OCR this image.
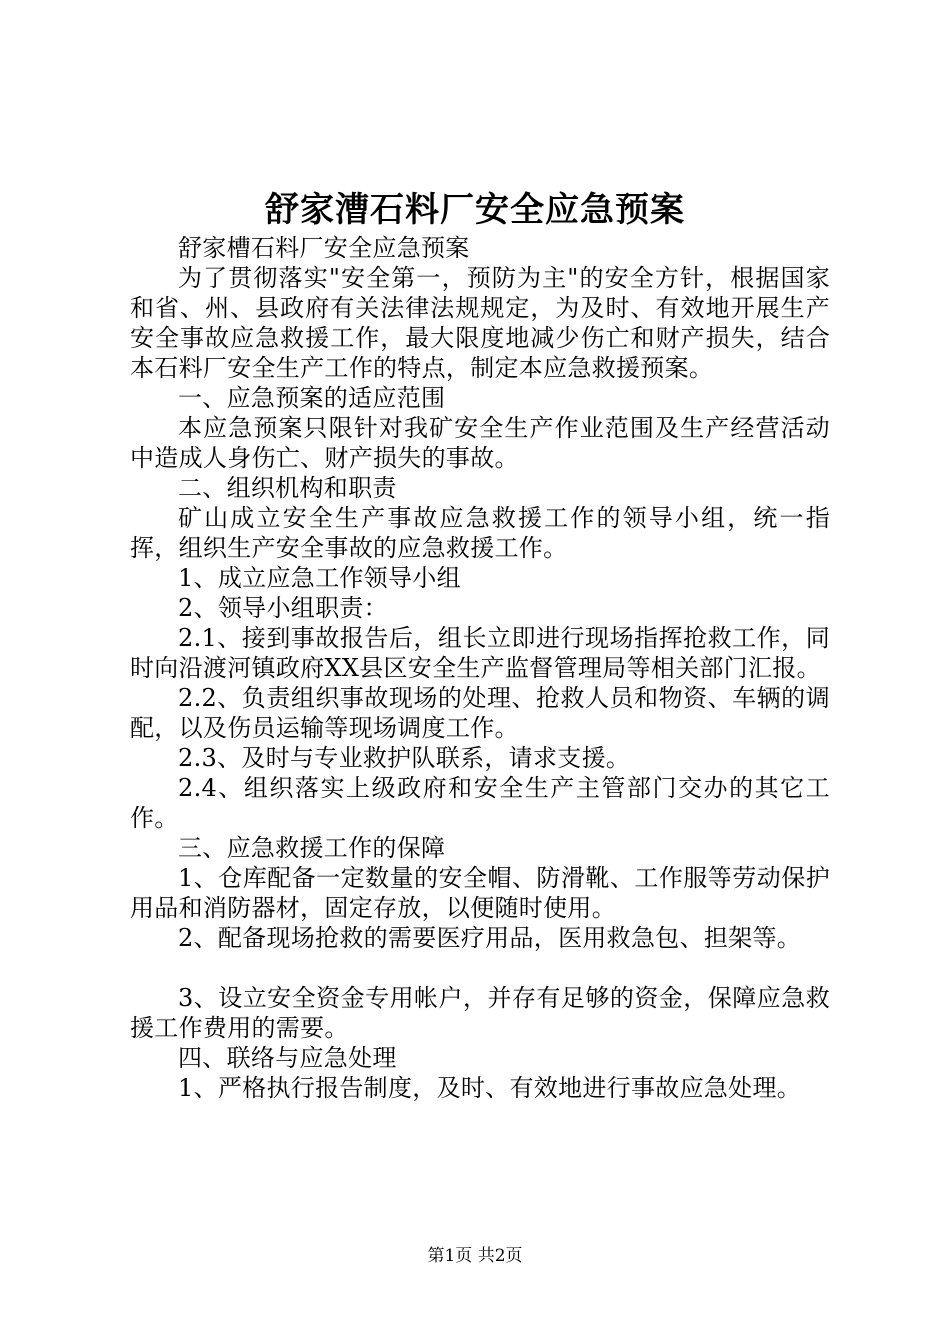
舒家漕石料厂安全应急预案

舒家槽石料厂安全应急预案

为了贯彻落实"安全第一，预防为主"的安全方针，根据国家和省、州、县政府有关法律法规规定，为及时、有效地开展生产安全事故应急救援工作，最大限度地减少伤亡和财产损失，结合本石料厂安全生产工作的特点，制定本应急救援预案。

一、应急预案的适应范围

本应急预案只限针对我矿安全生产作业范围及生产经营活动中造成人身伤亡、财产损失的事故。

二、组织机构和职责

矿山成立安全生产事故应急救援工作的领导小组，统一指挥，组织生产安全事故的应急救援工作。

1、成立应急工作领导小组

2、领导小组职责：

2.1、接到事故报告后，组长立即进行现场指挥抢救工作，同时向沿渡河镇政府XX县区安全生产监督管理局等相关部门汇报。

2.2、负责组织事故现场的处理、抢救人员和物资、车辆的调配，以及伤员运输等现场调度工作。

2.3、及时与专业救护队联系，请求支援。

2.4、组织落实上级政府和安全生产主管部门交办的其它工作。

三、应急救援工作的保障

1、仓库配备一定数量的安全帽、防滑靴、工作服等劳动保护用品和消防器材，固定存放，以便随时使用。

2、配备现场抢救的需要医疗用品，医用救急包、担架等。

3、设立安全资金专用帐户，并存有足够的资金，保障应急救援工作费用的需要。

四、联络与应急处理

1、严格执行报告制度，及时、有效地进行事故应急处理。

第1页 共2页
